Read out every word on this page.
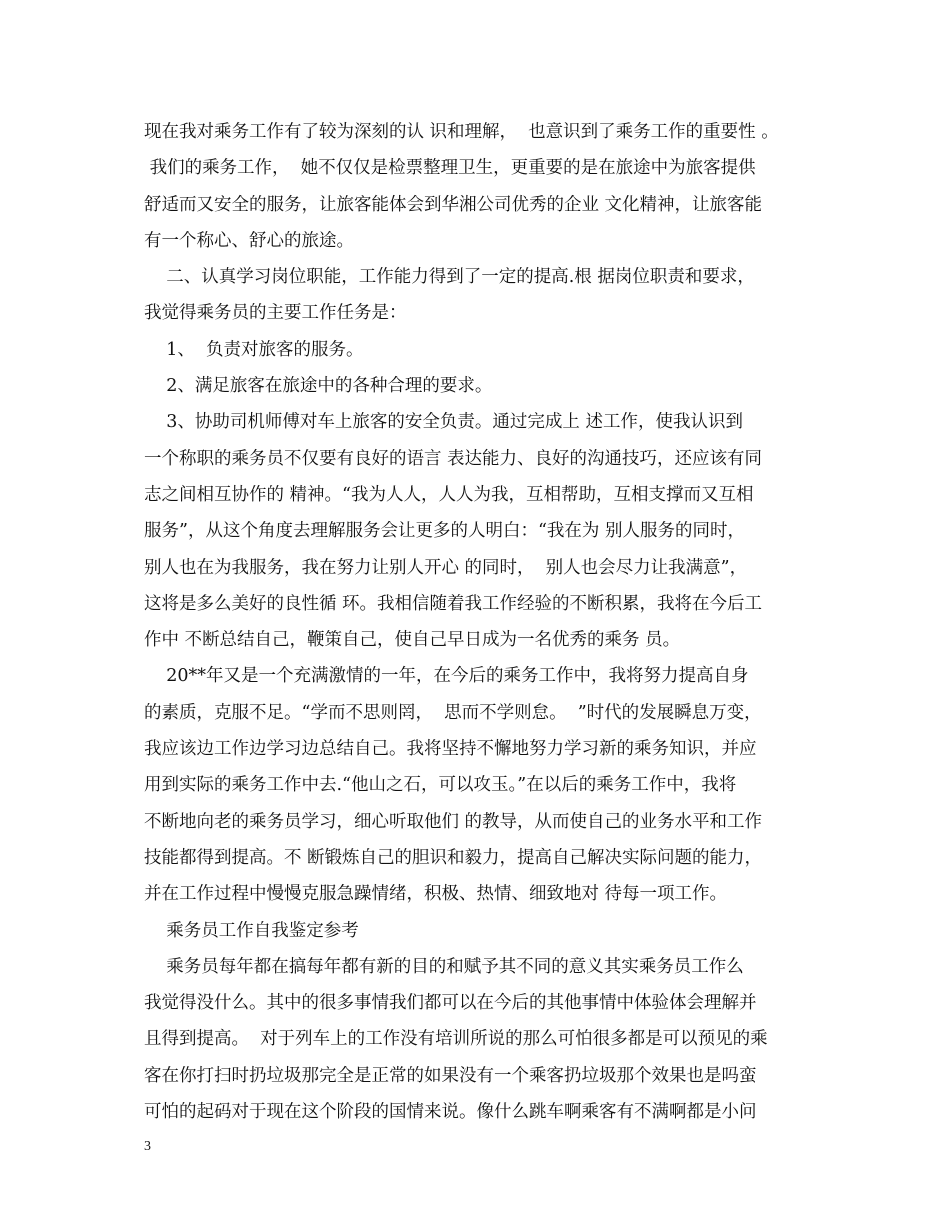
现在我对乘务工作有了较为深刻的认 识和理解，  也意识到了乘务工作的重要性 。
我们的乘务工作，  她不仅仅是检票整理卫生，更重要的是在旅途中为旅客提供
舒适而又安全的服务，让旅客能体会到华湘公司优秀的企业 文化精神，让旅客能
有一个称心、舒心的旅途。
二、认真学习岗位职能，工作能力得到了一定的提高.根 据岗位职责和要求，
我觉得乘务员的主要工作任务是：
1、  负责对旅客的服务。
2、满足旅客在旅途中的各种合理的要求。
3、协助司机师傅对车上旅客的安全负责。通过完成上 述工作，使我认识到
一个称职的乘务员不仅要有良好的语言 表达能力、良好的沟通技巧，还应该有同
志之间相互协作的 精神。“我为人人，人人为我，互相帮助，互相支撑而又互相
服务”，从这个角度去理解服务会让更多的人明白：“我在为 别人服务的同时，
别人也在为我服务，我在努力让别人开心 的同时，  别人也会尽力让我满意”，
这将是多么美好的良性循 环。我相信随着我工作经验的不断积累，我将在今后工
作中 不断总结自己，鞭策自己，使自己早日成为一名优秀的乘务 员。
20**年又是一个充满激情的一年，在今后的乘务工作中，我将努力提高自身
的素质，克服不足。“学而不思则罔，  思而不学则怠。  ”时代的发展瞬息万变，
我应该边工作边学习边总结自己。我将坚持不懈地努力学习新的乘务知识，并应
用到实际的乘务工作中去.“他山之石，可以攻玉。”在以后的乘务工作中，我将
不断地向老的乘务员学习，细心听取他们 的教导，从而使自己的业务水平和工作
技能都得到提高。不 断锻炼自己的胆识和毅力，提高自己解决实际问题的能力，
并在工作过程中慢慢克服急躁情绪，积极、热情、细致地对 待每一项工作。
乘务员工作自我鉴定参考
乘务员每年都在搞每年都有新的目的和赋予其不同的意义其实乘务员工作么
我觉得没什么。其中的很多事情我们都可以在今后的其他事情中体验体会理解并
且得到提高。  对于列车上的工作没有培训所说的那么可怕很多都是可以预见的乘
客在你打扫时扔垃圾那完全是正常的如果没有一个乘客扔垃圾那个效果也是吗蛮
可怕的起码对于现在这个阶段的国情来说。像什么跳车啊乘客有不满啊都是小问
3
